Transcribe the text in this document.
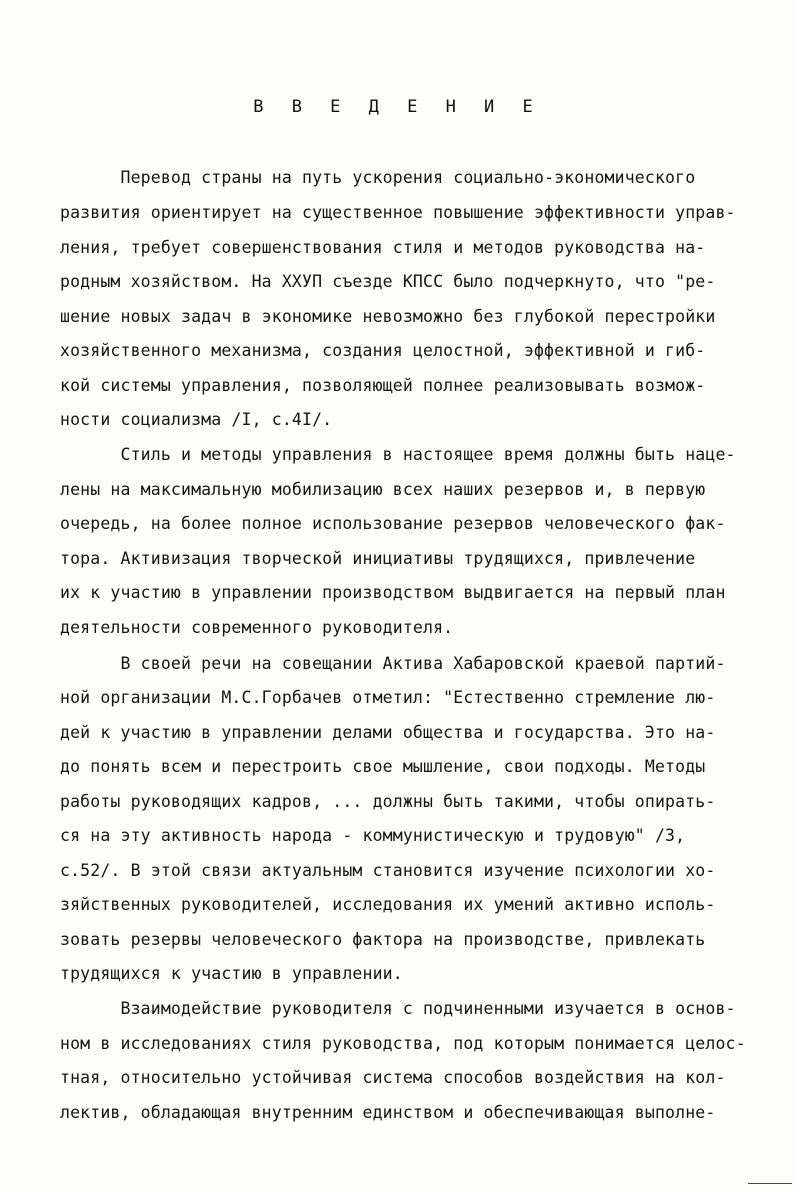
В В Е Д Е Н И Е
Перевод страны на путь ускорения социально-экономического
развития ориентирует на существенное повышение эффективности управ-
ления, требует совершенствования стиля и методов руководства на-
родным хозяйством. На ХХУП съезде КПСС было подчеркнуто, что "ре-
шение новых задач в экономике невозможно без глубокой перестройки
хозяйственного механизма, создания целостной, эффективной и гиб-
кой системы управления, позволяющей полнее реализовывать возмож-
ности социализма /I, с.4I/.
Стиль и методы управления в настоящее время должны быть наце-
лены на максимальную мобилизацию всех наших резервов и, в первую
очередь, на более полное использование резервов человеческого фак-
тора. Активизация творческой инициативы трудящихся, привлечение
их к участию в управлении производством выдвигается на первый план
деятельности современного руководителя.
В своей речи на совещании Актива Хабаровской краевой партий-
ной организации М.С.Горбачев отметил: "Естественно стремление лю-
дей к участию в управлении делами общества и государства. Это на-
до понять всем и перестроить свое мышление, свои подходы. Методы
работы руководящих кадров, ... должны быть такими, чтобы опирать-
ся на эту активность народа - коммунистическую и трудовую" /3,
с.52/. В этой связи актуальным становится изучение психологии хо-
зяйственных руководителей, исследования их умений активно исполь-
зовать резервы человеческого фактора на производстве, привлекать
трудящихся к участию в управлении.
Взаимодействие руководителя с подчиненными изучается в основ-
ном в исследованиях стиля руководства, под которым понимается целос-
тная, относительно устойчивая система способов воздействия на кол-
лектив, обладающая внутренним единством и обеспечивающая выполне-
